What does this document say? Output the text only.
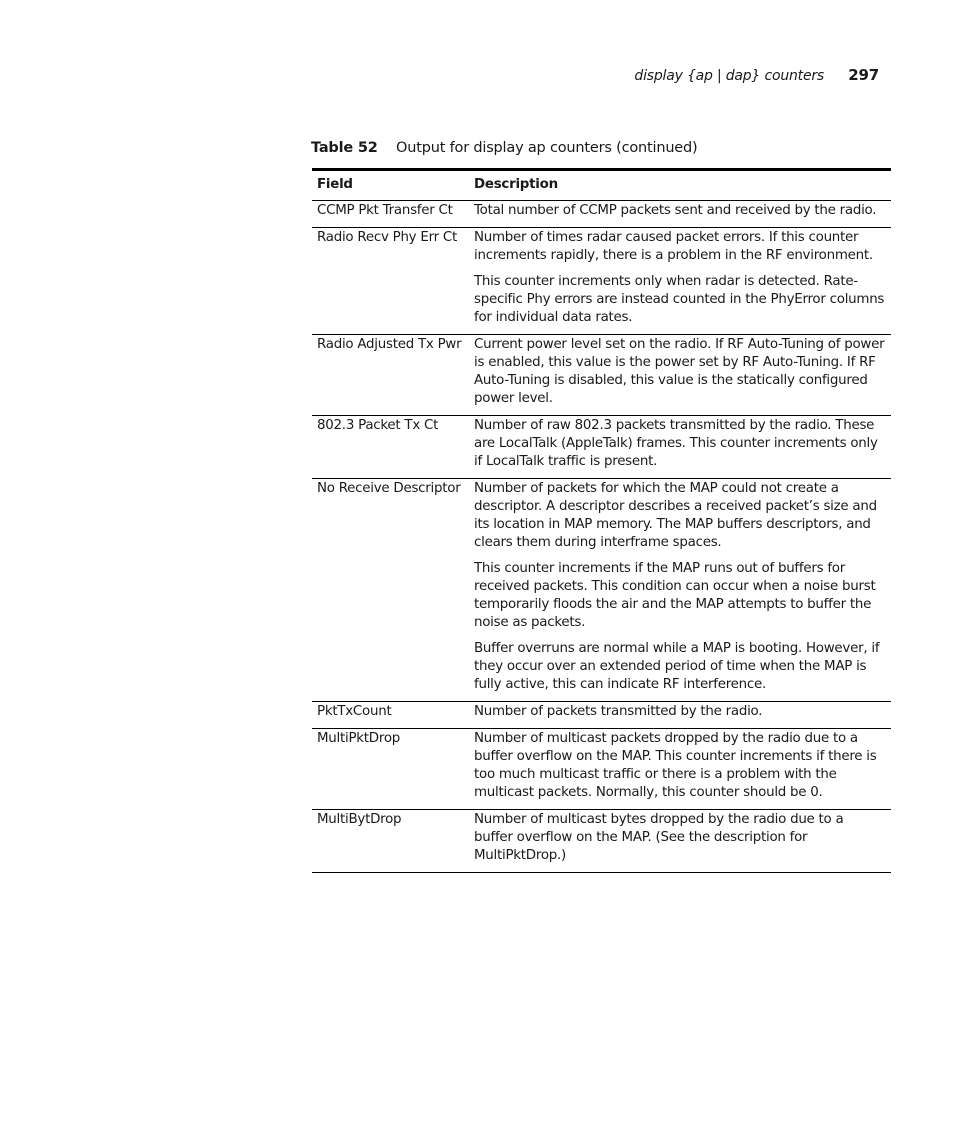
display {ap | dap} counters 297
Table 52 Output for display ap counters (continued)
Field	Description
CCMP Pkt Transfer Ct	Total number of CCMP packets sent and received by the radio.

Radio Recv Phy Err Ct	Number of times radar caused packet errors. If this counter increments rapidly, there is a problem in the RF environment.

This counter increments only when radar is detected. Rate-specific Phy errors are instead counted in the PhyError columns for individual data rates.

Radio Adjusted Tx Pwr	Current power level set on the radio. If RF Auto-Tuning of power is enabled, this value is the power set by RF Auto-Tuning. If RF Auto-Tuning is disabled, this value is the statically configured power level.

802.3 Packet Tx Ct	Number of raw 802.3 packets transmitted by the radio. These are LocalTalk (AppleTalk) frames. This counter increments only if LocalTalk traffic is present.

No Receive Descriptor	Number of packets for which the MAP could not create a descriptor. A descriptor describes a received packet’s size and its location in MAP memory. The MAP buffers descriptors, and clears them during interframe spaces.

This counter increments if the MAP runs out of buffers for received packets. This condition can occur when a noise burst temporarily floods the air and the MAP attempts to buffer the noise as packets.

Buffer overruns are normal while a MAP is booting. However, if they occur over an extended period of time when the MAP is fully active, this can indicate RF interference.

PktTxCount	Number of packets transmitted by the radio.

MultiPktDrop	Number of multicast packets dropped by the radio due to a buffer overflow on the MAP. This counter increments if there is too much multicast traffic or there is a problem with the multicast packets. Normally, this counter should be 0.

MultiBytDrop	Number of multicast bytes dropped by the radio due to a buffer overflow on the MAP. (See the description for MultiPktDrop.)
